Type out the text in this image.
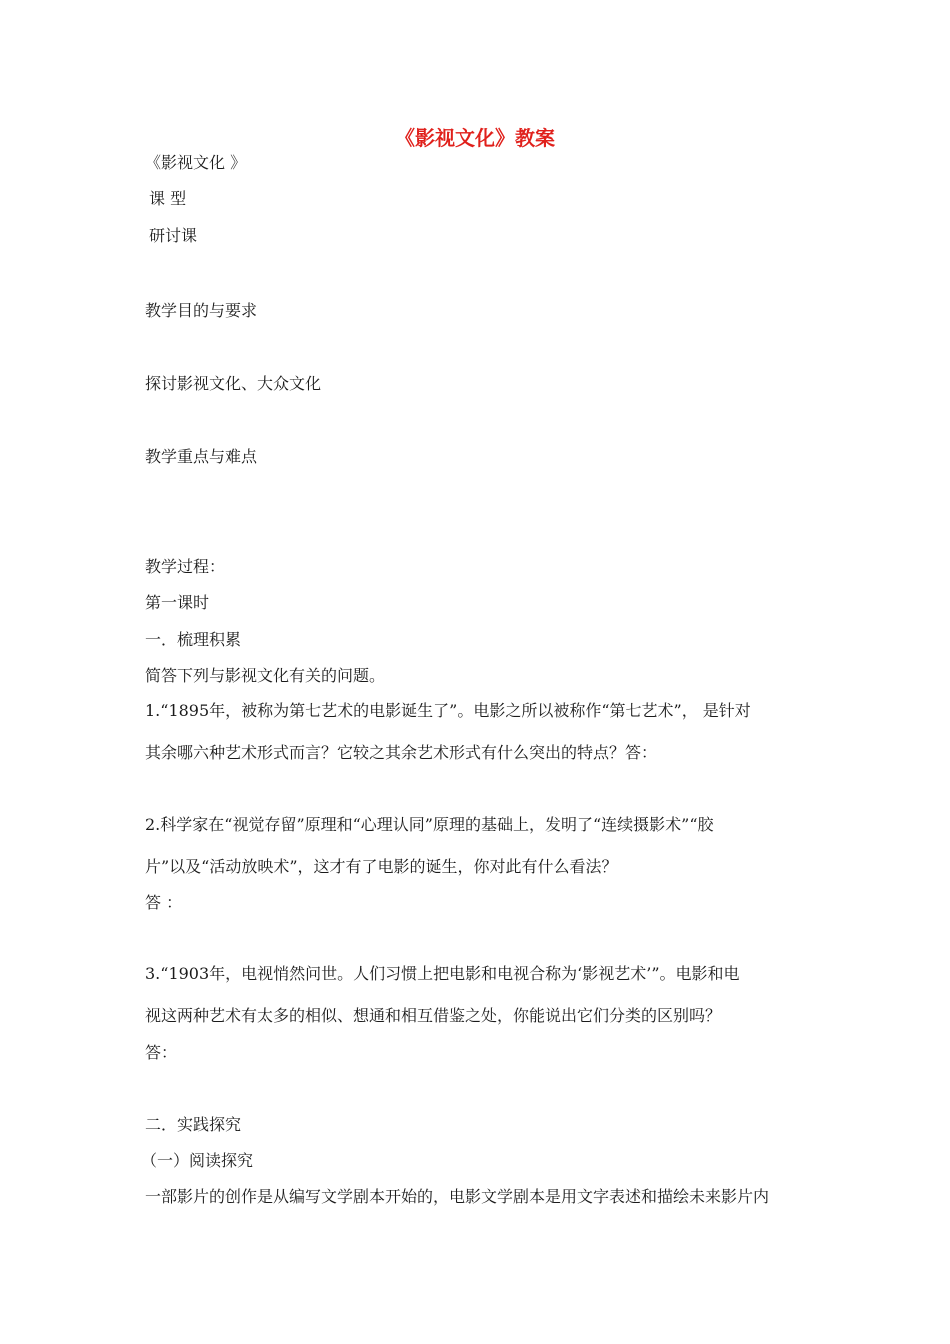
《影视文化》教案
《影视文化 》
课 型
研讨课
教学目的与要求
探讨影视文化、大众文化
教学重点与难点
教学过程：
第一课时
一．梳理积累
简答下列与影视文化有关的问题。
1.“1895年，被称为第七艺术的电影诞生了”。电影之所以被称作“第七艺术”， 是针对
其余哪六种艺术形式而言？它较之其余艺术形式有什么突出的特点？答：
2.科学家在“视觉存留”原理和“心理认同”原理的基础上，发明了“连续摄影术”“胶
片”以及“活动放映术”，这才有了电影的诞生，你对此有什么看法？
答 ：
3.“1903年，电视悄然问世。人们习惯上把电影和电视合称为‘影视艺术’”。电影和电
视这两种艺术有太多的相似、想通和相互借鉴之处，你能说出它们分类的区别吗？
答：
二．实践探究
（一）阅读探究
一部影片的创作是从编写文学剧本开始的，电影文学剧本是用文字表述和描绘未来影片内
